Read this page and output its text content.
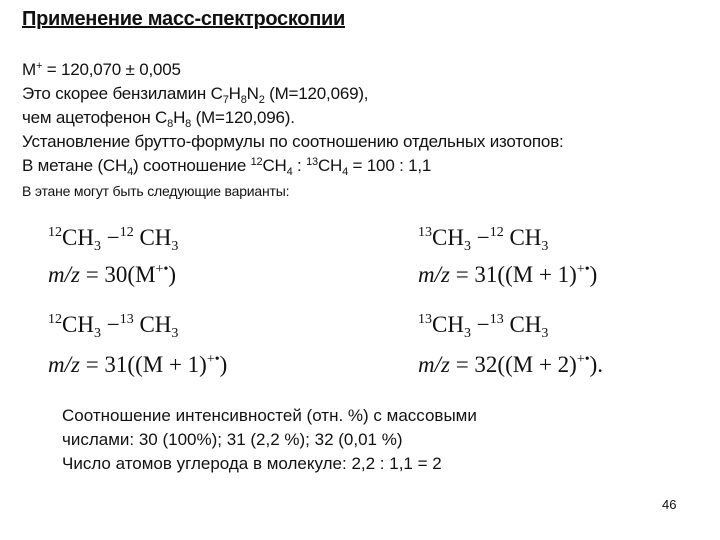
Применение масс-спектроскопии
M+ = 120,070 ± 0,005
Это скорее бензиламин $C_7H_8N_2$ (M=120,069),
чем ацетофенон $C_8H_8$ (M=120,096).
Установление брутто-формулы по соотношению отдельных изотопов:
В метане $(CH_4)$ соотношение $^{12}CH_4$ : $^{13}CH_4 = 100$ : 1,1
В этане могут быть следующие варианты:
$^{12}CH_3 -^{12}$ $CH_3$
m/z = 30(M+•)
$^{13}CH_3 -^{12}$ $CH_3$
m/z = 31((M + 1)+•)
$^{12}CH_3 -^{13}$ $CH_3$
m/z = 31((M + 1)+•)
$^{13}CH_3 -^{13}$ $CH_3$
m/z = 32((M + 2)+•).
Соотношение интенсивностей (отн. %) с массовыми
числами: 30 (100%); 31 (2,2 %); 32 (0,01 %)
Число атомов углерода в молекуле: 2,2 : 1,1 = 2
46
